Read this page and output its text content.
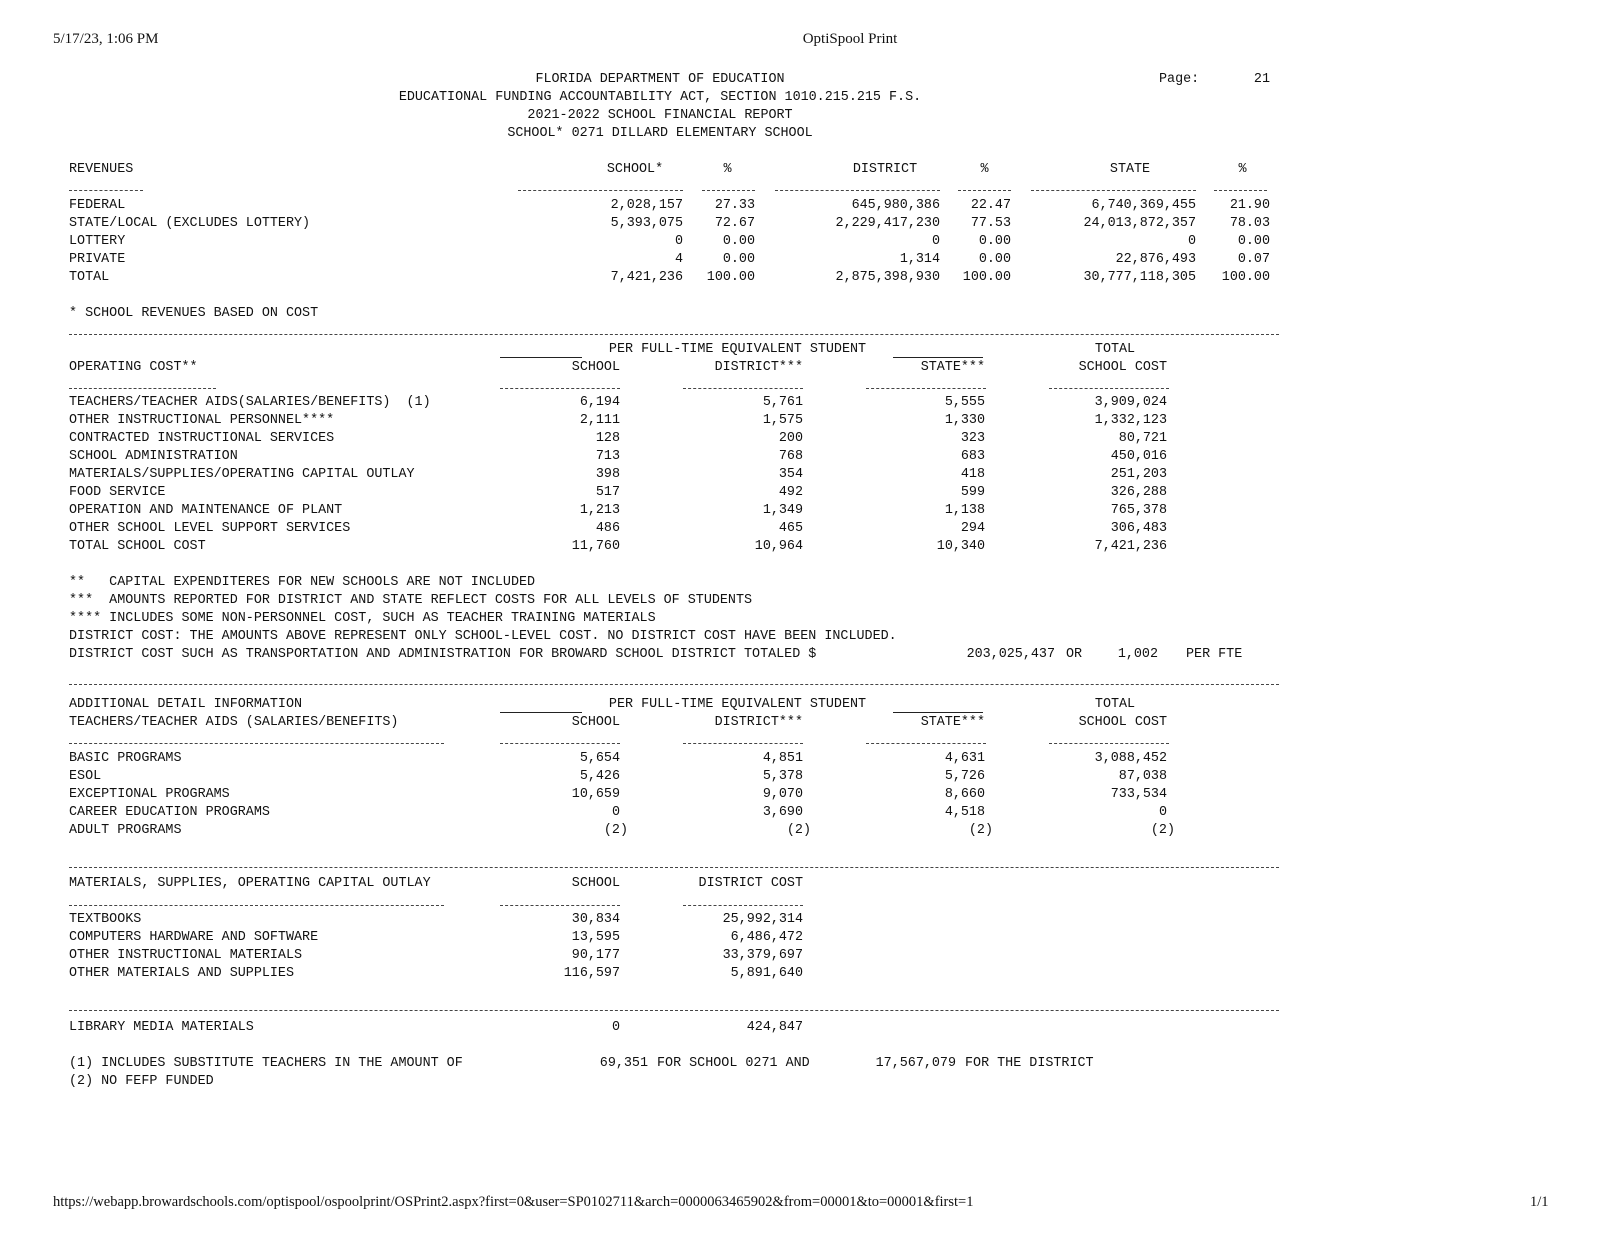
5/17/23, 1:06 PM	OptiSpool Print
https://webapp.browardschools.com/optispool/ospoolprint/OSPrint2.aspx?first=0&user=SP0102711&arch=0000063465902&from=00001&to=00001&first=1	1/1
FLORIDA DEPARTMENT OF EDUCATION
EDUCATIONAL FUNDING ACCOUNTABILITY ACT, SECTION 1010.215.215 F.S.
2021-2022 SCHOOL FINANCIAL REPORT
SCHOOL* 0271 DILLARD ELEMENTARY SCHOOL
Page:	21
REVENUES	SCHOOL*	%	DISTRICT	%	STATE	%
FEDERAL	2,028,157	27.33	645,980,386	22.47	6,740,369,455	21.90
STATE/LOCAL (EXCLUDES LOTTERY)	5,393,075	72.67	2,229,417,230	77.53	24,013,872,357	78.03
LOTTERY	0	0.00	0	0.00	0	0.00
PRIVATE	4	0.00	1,314	0.00	22,876,493	0.07
TOTAL	7,421,236	100.00	2,875,398,930	100.00	30,777,118,305	100.00
* SCHOOL REVENUES BASED ON COST
PER FULL-TIME EQUIVALENT STUDENT	TOTAL
OPERATING COST**	SCHOOL	DISTRICT***	STATE***	SCHOOL COST
TEACHERS/TEACHER AIDS(SALARIES/BENEFITS)  (1)	6,194	5,761	5,555	3,909,024
OTHER INSTRUCTIONAL PERSONNEL****	2,111	1,575	1,330	1,332,123
CONTRACTED INSTRUCTIONAL SERVICES	128	200	323	80,721
SCHOOL ADMINISTRATION	713	768	683	450,016
MATERIALS/SUPPLIES/OPERATING CAPITAL OUTLAY	398	354	418	251,203
FOOD SERVICE	517	492	599	326,288
OPERATION AND MAINTENANCE OF PLANT	1,213	1,349	1,138	765,378
OTHER SCHOOL LEVEL SUPPORT SERVICES	486	465	294	306,483
TOTAL SCHOOL COST	11,760	10,964	10,340	7,421,236
**   CAPITAL EXPENDITERES FOR NEW SCHOOLS ARE NOT INCLUDED
***  AMOUNTS REPORTED FOR DISTRICT AND STATE REFLECT COSTS FOR ALL LEVELS OF STUDENTS
**** INCLUDES SOME NON-PERSONNEL COST, SUCH AS TEACHER TRAINING MATERIALS
DISTRICT COST: THE AMOUNTS ABOVE REPRESENT ONLY SCHOOL-LEVEL COST. NO DISTRICT COST HAVE BEEN INCLUDED.
DISTRICT COST SUCH AS TRANSPORTATION AND ADMINISTRATION FOR BROWARD SCHOOL DISTRICT TOTALED $	203,025,437 OR	1,002 PER FTE
ADDITIONAL DETAIL INFORMATION	PER FULL-TIME EQUIVALENT STUDENT	TOTAL
TEACHERS/TEACHER AIDS (SALARIES/BENEFITS)	SCHOOL	DISTRICT***	STATE***	SCHOOL COST
BASIC PROGRAMS	5,654	4,851	4,631	3,088,452
ESOL	5,426	5,378	5,726	87,038
EXCEPTIONAL PROGRAMS	10,659	9,070	8,660	733,534
CAREER EDUCATION PROGRAMS	0	3,690	4,518	0
ADULT PROGRAMS	(2)	(2)	(2)	(2)
MATERIALS, SUPPLIES, OPERATING CAPITAL OUTLAY	SCHOOL	DISTRICT COST
TEXTBOOKS	30,834	25,992,314
COMPUTERS HARDWARE AND SOFTWARE	13,595	6,486,472
OTHER INSTRUCTIONAL MATERIALS	90,177	33,379,697
OTHER MATERIALS AND SUPPLIES	116,597	5,891,640
LIBRARY MEDIA MATERIALS	0	424,847
(1) INCLUDES SUBSTITUTE TEACHERS IN THE AMOUNT OF	69,351 FOR SCHOOL 0271 AND	17,567,079 FOR THE DISTRICT
(2) NO FEFP FUNDED
